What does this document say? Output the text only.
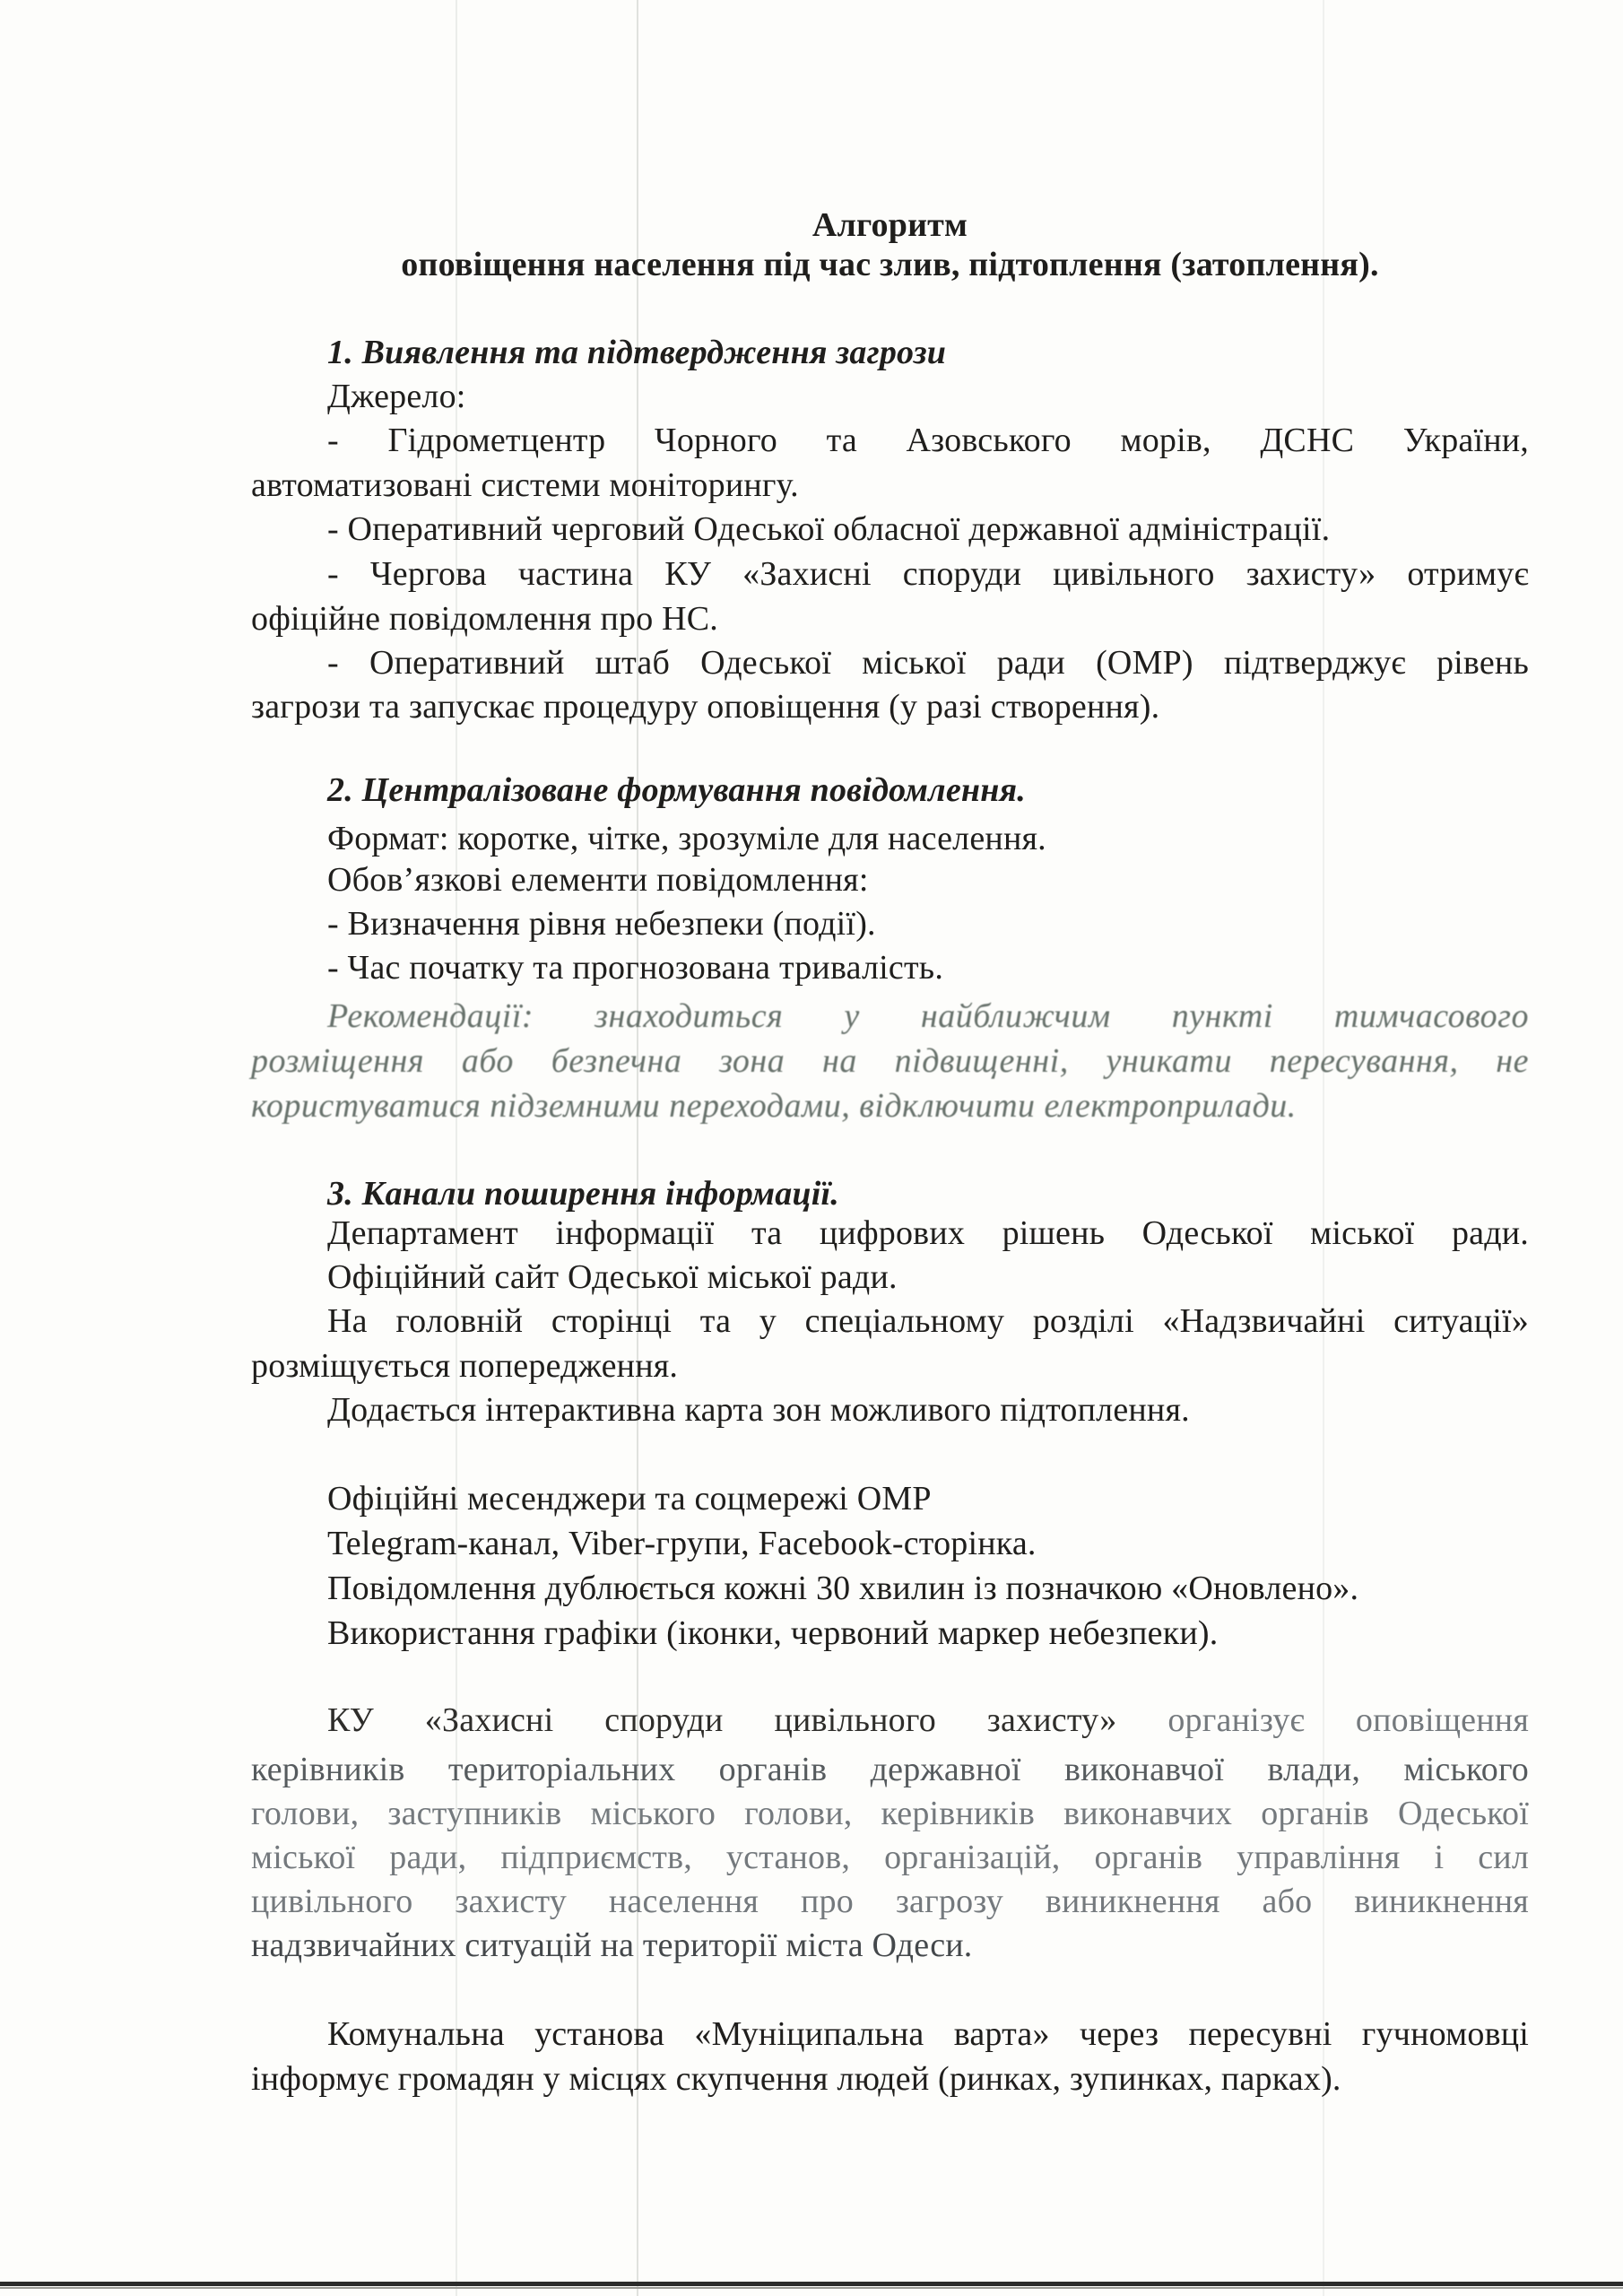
Алгоритм
оповіщення населення під час злив, підтоплення (затоплення).
1. Виявлення та підтвердження загрози
Джерело:
- Гідрометцентр Чорного та Азовського морів, ДСНС України,
автоматизовані системи моніторингу.
- Оперативний черговий Одеської обласної державної адміністрації.
- Чергова частина КУ «Захисні споруди цивільного захисту» отримує
офіційне повідомлення про НС.
- Оперативний штаб Одеської міської ради (ОМР) підтверджує рівень
загрози та запускає процедуру оповіщення (у разі створення).
2. Централізоване формування повідомлення.
Формат: коротке, чітке, зрозуміле для населення.
Обов’язкові елементи повідомлення:
- Визначення рівня небезпеки (події).
- Час початку та прогнозована тривалість.
Рекомендації: знаходиться у найближчим пункті тимчасового
розміщення або безпечна зона на підвищенні, уникати пересування, не
користуватися підземними переходами, відключити електроприлади.
3. Канали поширення інформації.
Департамент інформації та цифрових рішень Одеської міської ради.
Офіційний сайт Одеської міської ради.
На головній сторінці та у спеціальному розділі «Надзвичайні ситуації»
розміщується попередження.
Додається інтерактивна карта зон можливого підтоплення.
Офіційні месенджери та соцмережі ОМР
Telegram-канал, Viber-групи, Facebook-сторінка.
Повідомлення дублюється кожні 30 хвилин із позначкою «Оновлено».
Використання графіки (іконки, червоний маркер небезпеки).
КУ «Захисні споруди цивільного захисту» організує оповіщення
керівників територіальних органів державної виконавчої влади, міського
голови, заступників міського голови, керівників виконавчих органів Одеської
міської ради, підприємств, установ, організацій, органів управління і сил
цивільного захисту населення про загрозу виникнення або виникнення
надзвичайних ситуацій на території міста Одеси.
Комунальна установа «Муніципальна варта» через пересувні гучномовці
інформує громадян у місцях скупчення людей (ринках, зупинках, парках).
